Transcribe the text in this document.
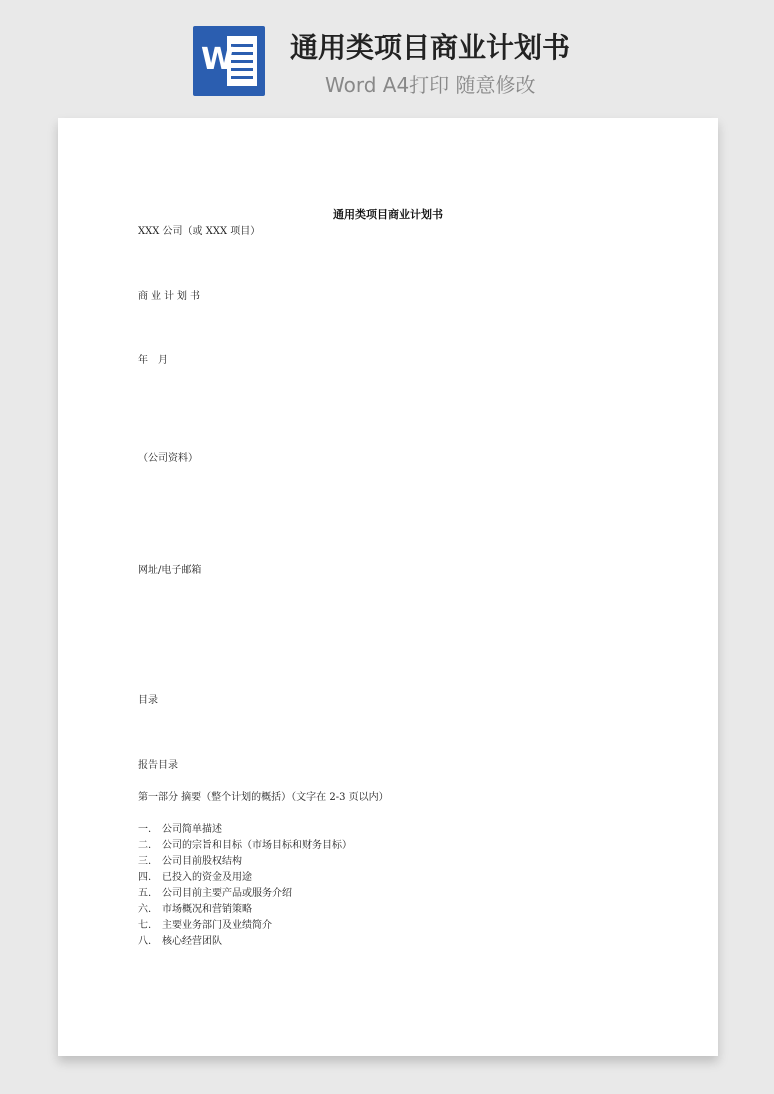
W 通用类项目商业计划书
Word A4打印 随意修改
通用类项目商业计划书
XXX 公司（或 XXX 项目）
商业计划书
年　月
（公司资料）
网址/电子邮箱
目录
报告目录
第一部分 摘要（整个计划的概括）（文字在 2-3 页以内）
一. 公司简单描述
二. 公司的宗旨和目标（市场目标和财务目标）
三. 公司目前股权结构
四. 已投入的资金及用途
五. 公司目前主要产品或服务介绍
六. 市场概况和营销策略
七. 主要业务部门及业绩简介
八. 核心经营团队
